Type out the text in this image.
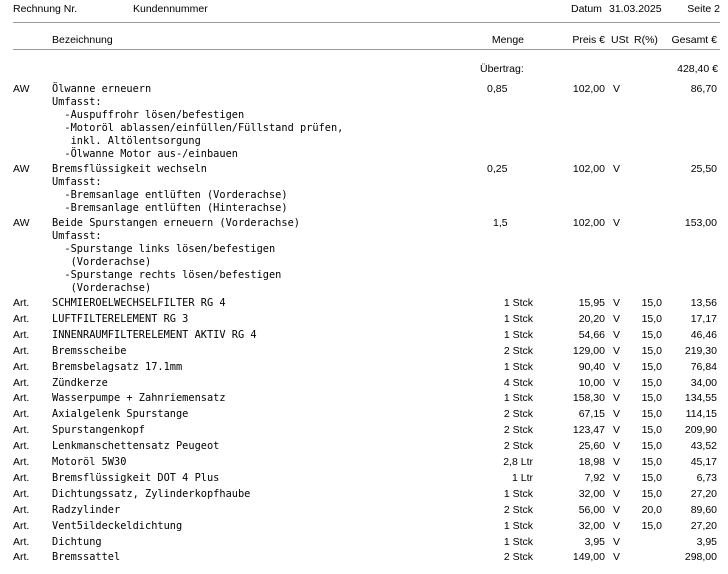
Rechnung Nr.	Kundennummer	Datum 31.03.2025 Seite 2
Bezeichnung	Menge	Preis € USt R(%)	Gesamt €
Übertrag:	428,40 €
AW Ölwanne erneuern	0,85	102,00 V	86,70
Umfasst:
-Auspuffrohr lösen/befestigen
-Motoröl ablassen/einfüllen/Füllstand prüfen,
inkl. Altölentsorgung
-Ölwanne Motor aus-/einbauen
AW Bremsflüssigkeit wechseln	0,25	102,00 V	25,50
Umfasst:
-Bremsanlage entlüften (Vorderachse)
-Bremsanlage entlüften (Hinterachse)
AW Beide Spurstangen erneuern (Vorderachse)	1,5	102,00 V	153,00
Umfasst:
-Spurstange links lösen/befestigen
(Vorderachse)
-Spurstange rechts lösen/befestigen
(Vorderachse)
Art. SCHMIEROELWECHSELFILTER RG 4	1 Stck	15,95 V	15,0	13,56
Art. LUFTFILTERELEMENT RG 3	1 Stck	20,20 V	15,0	17,17
Art. INNENRAUMFILTERELEMENT AKTIV RG 4	1 Stck	54,66 V	15,0	46,46
Art. Bremsscheibe	2 Stck	129,00 V	15,0	219,30
Art. Bremsbelagsatz 17.1mm	1 Stck	90,40 V	15,0	76,84
Art. Zündkerze	4 Stck	10,00 V	15,0	34,00
Art. Wasserpumpe + Zahnriemensatz	1 Stck	158,30 V	15,0	134,55
Art. Axialgelenk Spurstange	2 Stck	67,15 V	15,0	114,15
Art. Spurstangenkopf	2 Stck	123,47 V	15,0	209,90
Art. Lenkmanschettensatz Peugeot	2 Stck	25,60 V	15,0	43,52
Art. Motoröl 5W30	2,8 Ltr	18,98 V	15,0	45,17
Art. Bremsflüssigkeit DOT 4 Plus	1 Ltr	7,92 V	15,0	6,73
Art. Dichtungssatz, Zylinderkopfhaube	1 Stck	32,00 V	15,0	27,20
Art. Radzylinder	2 Stck	56,00 V	20,0	89,60
Art. Vent5ildeckeldichtung	1 Stck	32,00 V	15,0	27,20
Art. Dichtung	1 Stck	3,95 V	3,95
Art. Bremssattel	2 Stck	149,00 V	298,00
